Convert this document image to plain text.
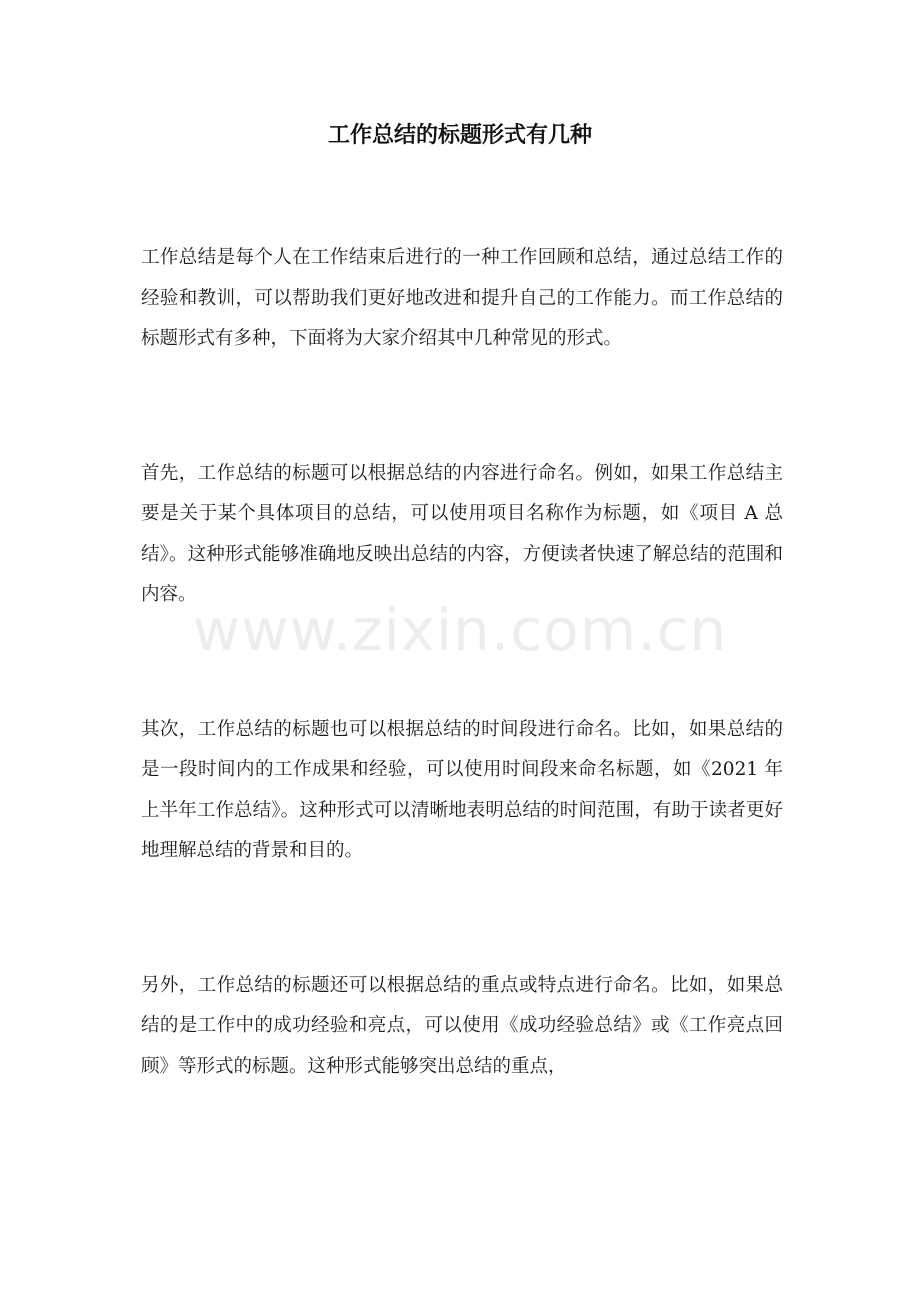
工作总结的标题形式有几种

工作总结是每个人在工作结束后进行的一种工作回顾和总结，通过总结工作的经验和教训，可以帮助我们更好地改进和提升自己的工作能力。而工作总结的标题形式有多种，下面将为大家介绍其中几种常见的形式。

首先，工作总结的标题可以根据总结的内容进行命名。例如，如果工作总结主要是关于某个具体项目的总结，可以使用项目名称作为标题，如《项目 A 总结》。这种形式能够准确地反映出总结的内容，方便读者快速了解总结的范围和内容。

其次，工作总结的标题也可以根据总结的时间段进行命名。比如，如果总结的是一段时间内的工作成果和经验，可以使用时间段来命名标题，如《2021 年上半年工作总结》。这种形式可以清晰地表明总结的时间范围，有助于读者更好地理解总结的背景和目的。

另外，工作总结的标题还可以根据总结的重点或特点进行命名。比如，如果总结的是工作中的成功经验和亮点，可以使用《成功经验总结》或《工作亮点回顾》等形式的标题。这种形式能够突出总结的重点，

www.zixin.com.cn
